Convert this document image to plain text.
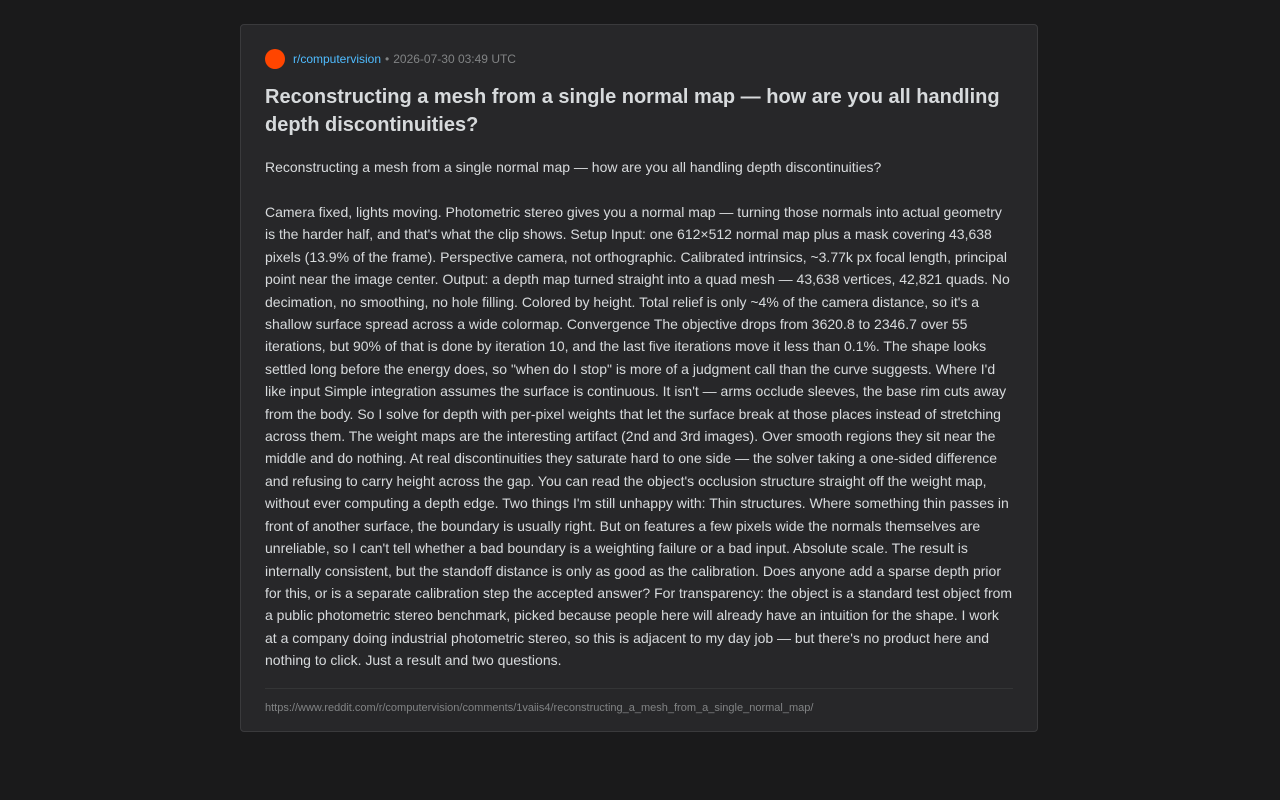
r/computervision • 2026-07-30 03:49 UTC
Reconstructing a mesh from a single normal map — how are you all handling depth discontinuities?
Reconstructing a mesh from a single normal map — how are you all handling depth discontinuities?
Camera fixed, lights moving. Photometric stereo gives you a normal map — turning those normals into actual geometry is the harder half, and that's what the clip shows. Setup Input: one 612×512 normal map plus a mask covering 43,638 pixels (13.9% of the frame). Perspective camera, not orthographic. Calibrated intrinsics, ~3.77k px focal length, principal point near the image center. Output: a depth map turned straight into a quad mesh — 43,638 vertices, 42,821 quads. No decimation, no smoothing, no hole filling. Colored by height. Total relief is only ~4% of the camera distance, so it's a shallow surface spread across a wide colormap. Convergence The objective drops from 3620.8 to 2346.7 over 55 iterations, but 90% of that is done by iteration 10, and the last five iterations move it less than 0.1%. The shape looks settled long before the energy does, so "when do I stop" is more of a judgment call than the curve suggests. Where I'd like input Simple integration assumes the surface is continuous. It isn't — arms occlude sleeves, the base rim cuts away from the body. So I solve for depth with per-pixel weights that let the surface break at those places instead of stretching across them. The weight maps are the interesting artifact (2nd and 3rd images). Over smooth regions they sit near the middle and do nothing. At real discontinuities they saturate hard to one side — the solver taking a one-sided difference and refusing to carry height across the gap. You can read the object's occlusion structure straight off the weight map, without ever computing a depth edge. Two things I'm still unhappy with: Thin structures. Where something thin passes in front of another surface, the boundary is usually right. But on features a few pixels wide the normals themselves are unreliable, so I can't tell whether a bad boundary is a weighting failure or a bad input. Absolute scale. The result is internally consistent, but the standoff distance is only as good as the calibration. Does anyone add a sparse depth prior for this, or is a separate calibration step the accepted answer? For transparency: the object is a standard test object from a public photometric stereo benchmark, picked because people here will already have an intuition for the shape. I work at a company doing industrial photometric stereo, so this is adjacent to my day job — but there's no product here and nothing to click. Just a result and two questions.
https://www.reddit.com/r/computervision/comments/1vaiis4/reconstructing_a_mesh_from_a_single_normal_map/
